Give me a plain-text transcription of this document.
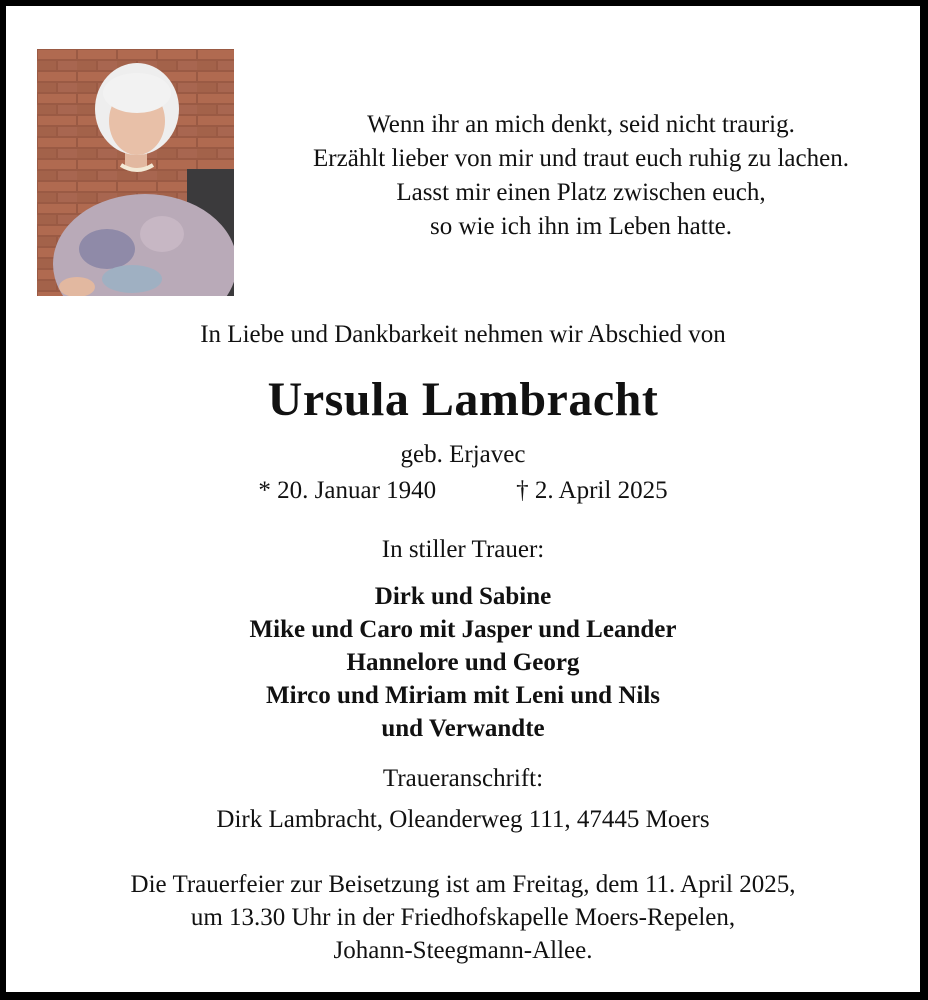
Wenn ihr an mich denkt, seid nicht traurig.
Erzählt lieber von mir und traut euch ruhig zu lachen.
Lasst mir einen Platz zwischen euch,
so wie ich ihn im Leben hatte.
In Liebe und Dankbarkeit nehmen wir Abschied von
Ursula Lambracht
geb. Erjavec
* 20. Januar 1940	† 2. April 2025
In stiller Trauer:
Dirk und Sabine
Mike und Caro mit Jasper und Leander
Hannelore und Georg
Mirco und Miriam mit Leni und Nils
und Verwandte
Traueranschrift:
Dirk Lambracht, Oleanderweg 111, 47445 Moers
Die Trauerfeier zur Beisetzung ist am Freitag, dem 11. April 2025,
um 13.30 Uhr in der Friedhofskapelle Moers-Repelen,
Johann-Steegmann-Allee.
